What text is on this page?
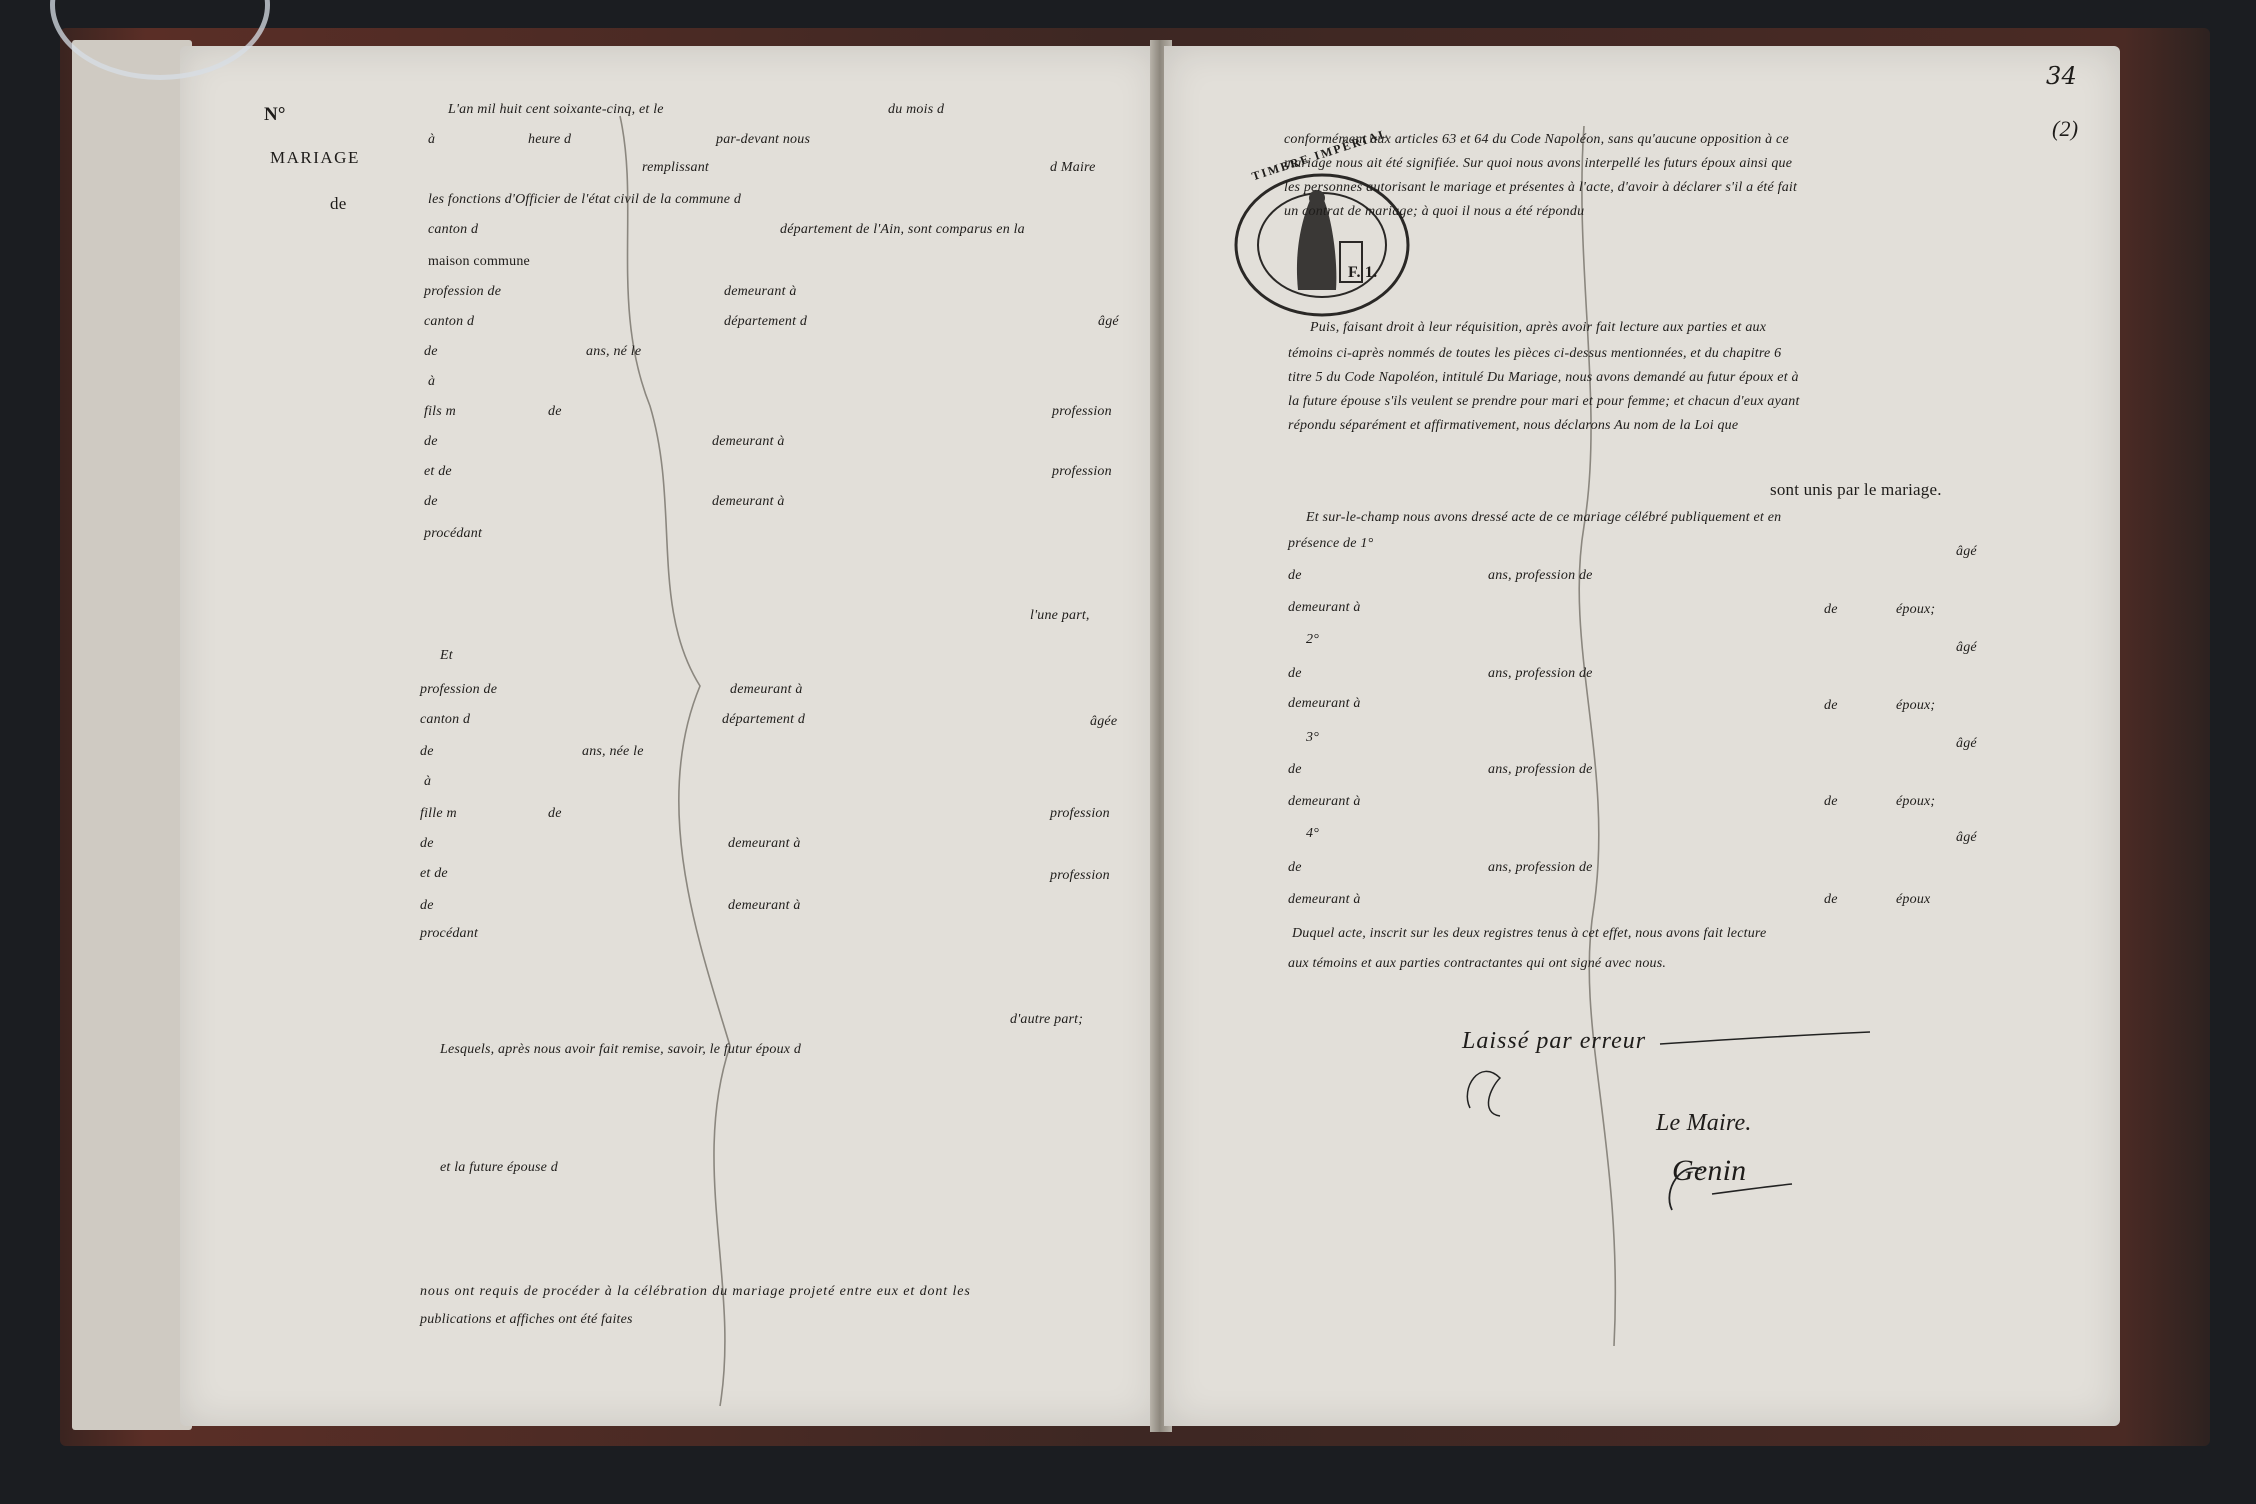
N°
MARIAGE
de
L'an mil huit cent soixante-cinq, et le	du mois d
à	heure d	par-devant nous
remplissant	d Maire
les fonctions d'Officier de l'état civil de la commune d
canton d	département de l'Ain, sont comparus en la
maison commune
profession de	demeurant à
canton d	département d	âgé
de	ans, né le
à
fils m	de	profession
de	demeurant à
et de	profession
de	demeurant à
procédant
l'une part,
Et
profession de	demeurant à
canton d	département d	âgée
de	ans, née le
à
fille m	de	profession
de	demeurant à
et de	profession
de	demeurant à
procédant
d'autre part;
Lesquels, après nous avoir fait remise, savoir, le futur époux d
et la future épouse d
nous ont requis de procéder à la célébration du mariage projeté entre eux et dont les
publications et affiches ont été faites
34
(2)
TIMBRE IMPÉRIAL
F. 1.
conformément aux articles 63 et 64 du Code Napoléon, sans qu'aucune opposition à ce
mariage nous ait été signifiée. Sur quoi nous avons interpellé les futurs époux ainsi que
les personnes autorisant le mariage et présentes à l'acte, d'avoir à déclarer s'il a été fait
un contrat de mariage; à quoi il nous a été répondu
Puis, faisant droit à leur réquisition, après avoir fait lecture aux parties et aux
témoins ci-après nommés de toutes les pièces ci-dessus mentionnées, et du chapitre 6
titre 5 du Code Napoléon, intitulé Du Mariage, nous avons demandé au futur époux et à
la future épouse s'ils veulent se prendre pour mari et pour femme; et chacun d'eux ayant
répondu séparément et affirmativement, nous déclarons Au nom de la Loi que
sont unis par le mariage.
Et sur-le-champ nous avons dressé acte de ce mariage célébré publiquement et en
présence de 1°
âgé
de	ans, profession de
demeurant à	de	époux;
2°
âgé
de	ans, profession de
demeurant à	de	époux;
3°	âgé
de	ans, profession de
demeurant à	de	époux;
4°	âgé
de	ans, profession de
demeurant à	de	époux
Duquel acte, inscrit sur les deux registres tenus à cet effet, nous avons fait lecture
aux témoins et aux parties contractantes qui ont signé avec nous.
Laissé par erreur
Le Maire.
Genin
